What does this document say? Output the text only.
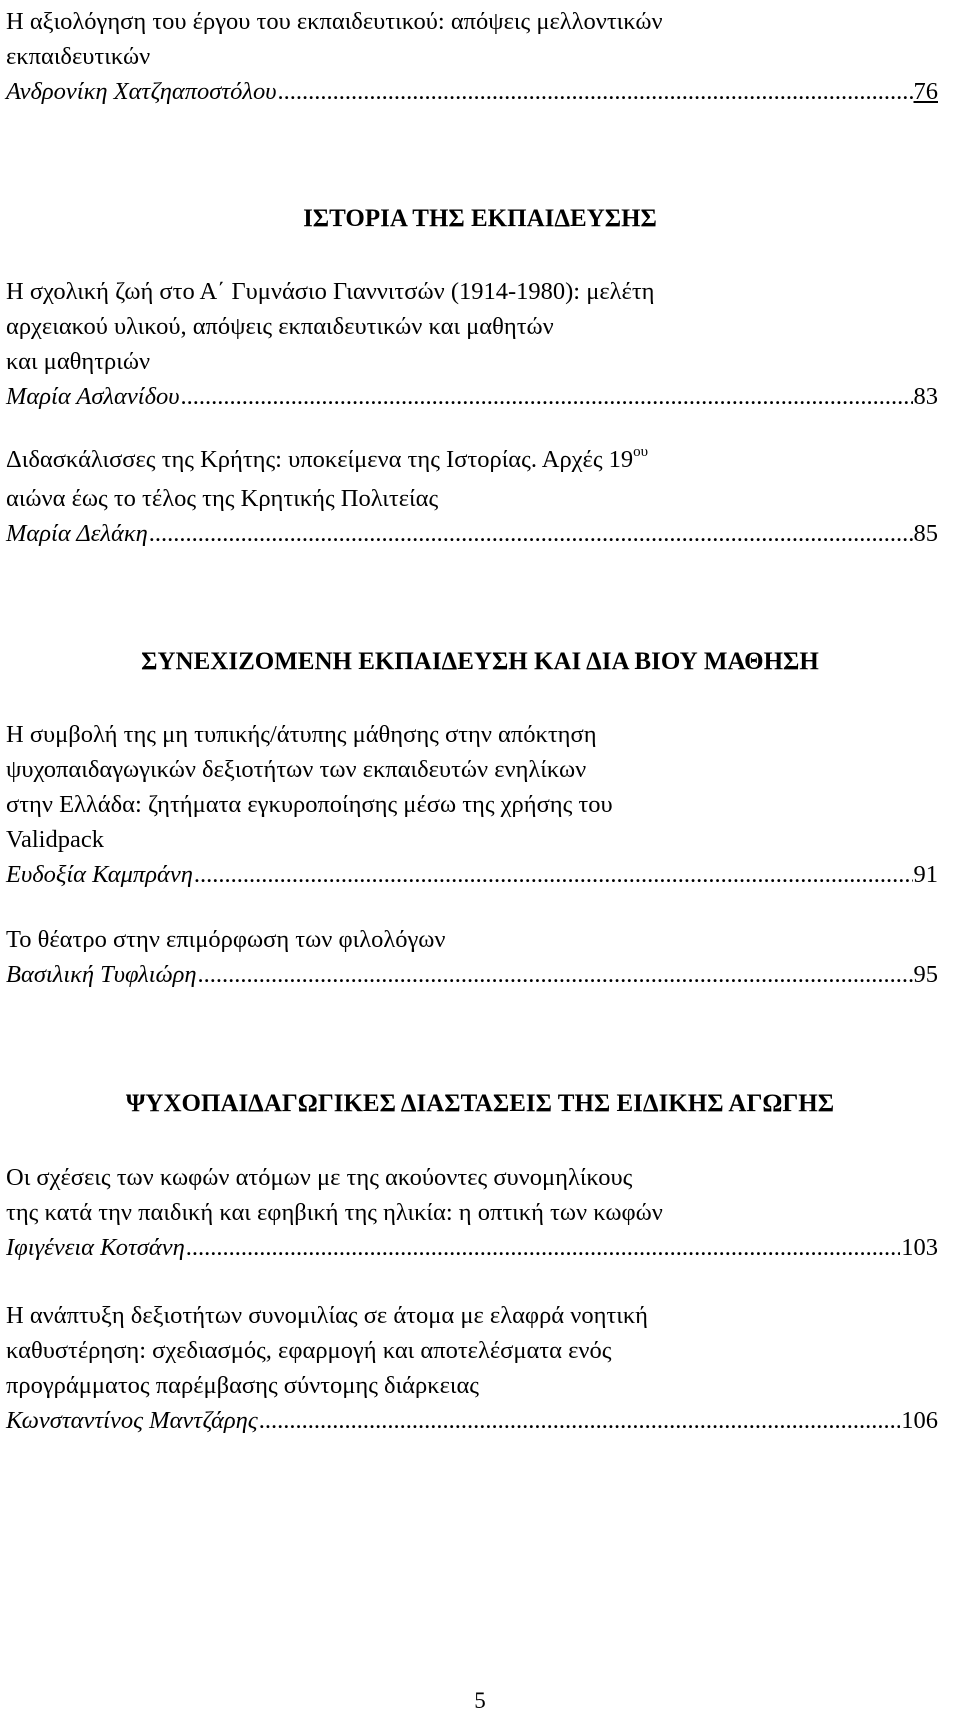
Η αξιολόγηση του έργου του εκπαιδευτικού: απόψεις μελλοντικών
εκπαιδευτικών
Ανδρονίκη Χατζηαποστόλου .....	76
ΙΣΤΟΡΙΑ ΤΗΣ ΕΚΠΑΙΔΕΥΣΗΣ
Η σχολική ζωή στο Α΄ Γυμνάσιο Γιαννιτσών (1914-1980): μελέτη
αρχειακού υλικού, απόψεις εκπαιδευτικών και μαθητών
και μαθητριών
Μαρία Ασλανίδου .....	83
Διδασκάλισσες της Κρήτης: υποκείμενα της Ιστορίας. Αρχές $19^{o\upsilon}$
αιώνα έως το τέλος της Κρητικής Πολιτείας
Μαρία Δελάκη .....	85
ΣΥΝΕΧΙΖΟΜΕΝΗ ΕΚΠΑΙΔΕΥΣΗ ΚΑΙ ΔΙΑ ΒΙΟΥ ΜΑΘΗΣΗ
Η συμβολή της μη τυπικής/άτυπης μάθησης στην απόκτηση
ψυχοπαιδαγωγικών δεξιοτήτων των εκπαιδευτών ενηλίκων
στην Ελλάδα: ζητήματα εγκυροποίησης μέσω της χρήσης του
Validpack
Ευδοξία Καμπράνη .....	91
Το θέατρο στην επιμόρφωση των φιλολόγων
Βασιλική Τυφλιώρη .....	95
ΨΥΧΟΠΑΙΔΑΓΩΓΙΚΕΣ ΔΙΑΣΤΑΣΕΙΣ ΤΗΣ ΕΙΔΙΚΗΣ ΑΓΩΓΗΣ
Οι σχέσεις των κωφών ατόμων με της ακούοντες συνομηλίκους
της κατά την παιδική και εφηβική της ηλικία: η οπτική των κωφών
Ιφιγένεια Κοτσάνη .....	103
Η ανάπτυξη δεξιοτήτων συνομιλίας σε άτομα με ελαφρά νοητική
καθυστέρηση: σχεδιασμός, εφαρμογή και αποτελέσματα ενός
προγράμματος παρέμβασης σύντομης διάρκειας
Κωνσταντίνος Μαντζάρης .....	106
5
